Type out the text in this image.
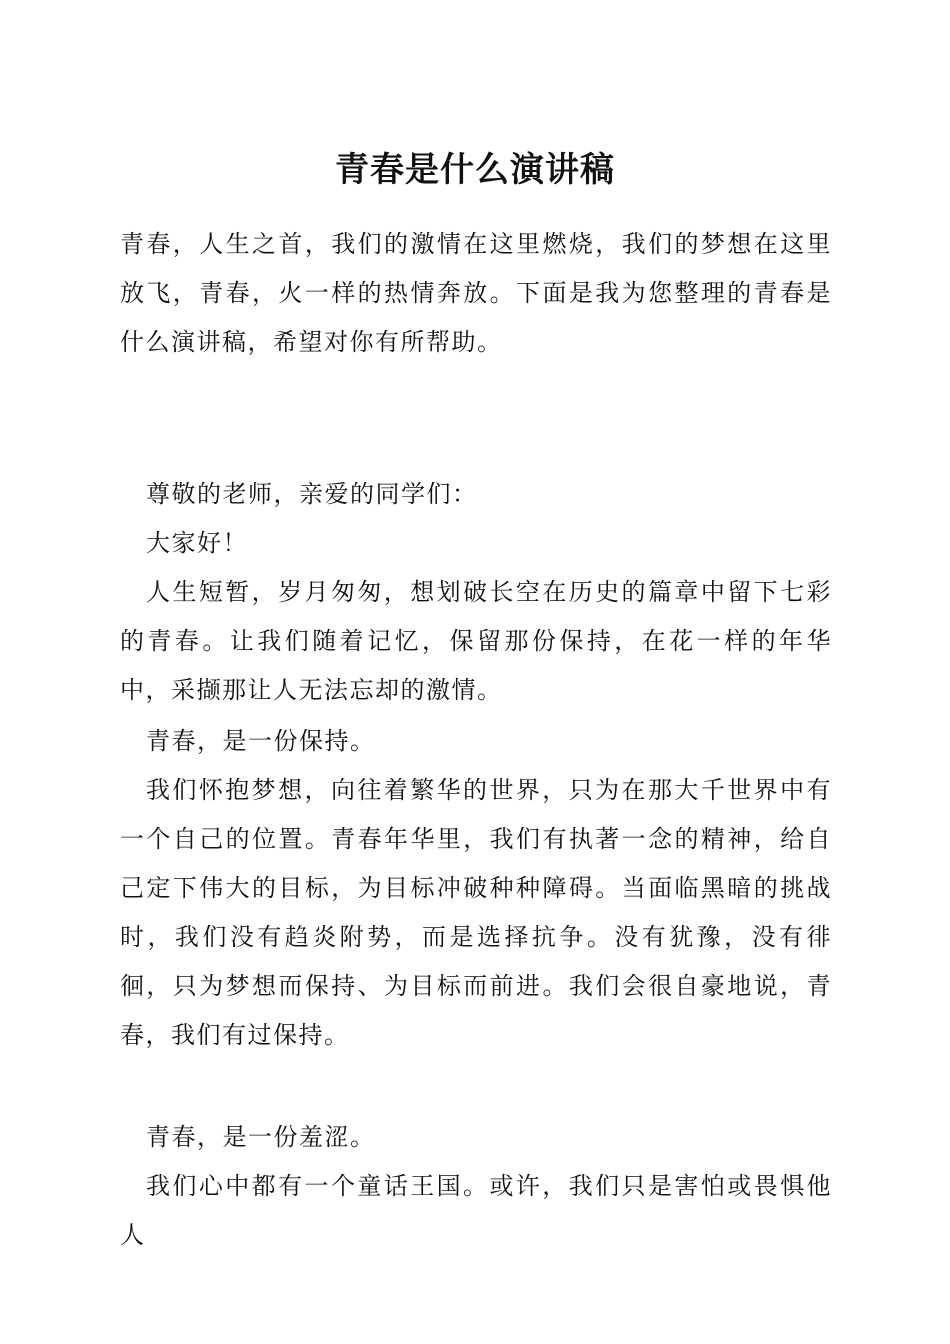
青春是什么演讲稿

青春，人生之首，我们的激情在这里燃烧，我们的梦想在这里放飞，青春，火一样的热情奔放。下面是我为您整理的青春是什么演讲稿，希望对你有所帮助。

尊敬的老师，亲爱的同学们：

大家好！

人生短暂，岁月匆匆，想划破长空在历史的篇章中留下七彩的青春。让我们随着记忆，保留那份保持，在花一样的年华中，采撷那让人无法忘却的激情。

青春，是一份保持。

我们怀抱梦想，向往着繁华的世界，只为在那大千世界中有一个自己的位置。青春年华里，我们有执著一念的精神，给自己定下伟大的目标，为目标冲破种种障碍。当面临黑暗的挑战时，我们没有趋炎附势，而是选择抗争。没有犹豫，没有徘徊，只为梦想而保持、为目标而前进。我们会很自豪地说，青春，我们有过保持。

青春，是一份羞涩。

我们心中都有一个童话王国。或许，我们只是害怕或畏惧他人
